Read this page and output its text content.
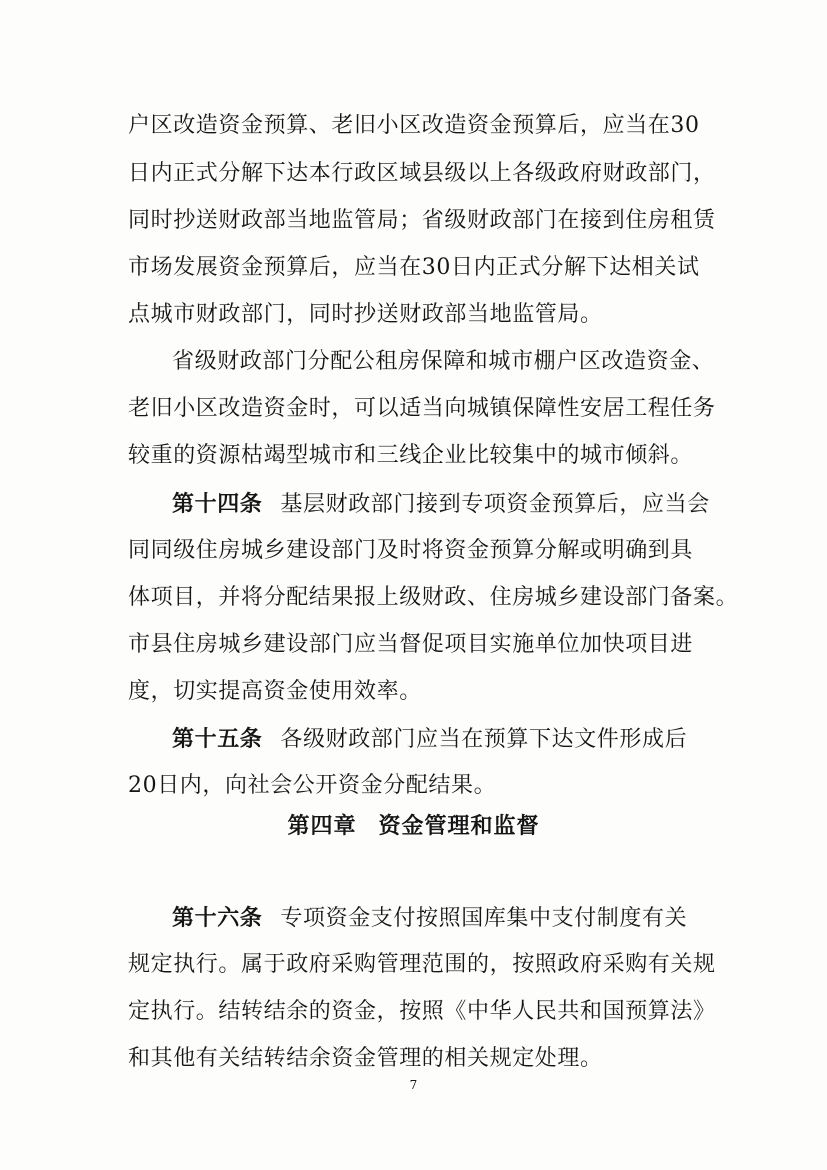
户区改造资金预算、老旧小区改造资金预算后，应当在30
日内正式分解下达本行政区域县级以上各级政府财政部门，
同时抄送财政部当地监管局；省级财政部门在接到住房租赁
市场发展资金预算后，应当在30日内正式分解下达相关试
点城市财政部门，同时抄送财政部当地监管局。
省级财政部门分配公租房保障和城市棚户区改造资金、
老旧小区改造资金时，可以适当向城镇保障性安居工程任务
较重的资源枯竭型城市和三线企业比较集中的城市倾斜。
第十四条 基层财政部门接到专项资金预算后，应当会
同同级住房城乡建设部门及时将资金预算分解或明确到具
体项目，并将分配结果报上级财政、住房城乡建设部门备案。
市县住房城乡建设部门应当督促项目实施单位加快项目进
度，切实提高资金使用效率。
第十五条 各级财政部门应当在预算下达文件形成后
20日内，向社会公开资金分配结果。
第四章 资金管理和监督
第十六条 专项资金支付按照国库集中支付制度有关
规定执行。属于政府采购管理范围的，按照政府采购有关规
定执行。结转结余的资金，按照《中华人民共和国预算法》
和其他有关结转结余资金管理的相关规定处理。
7
